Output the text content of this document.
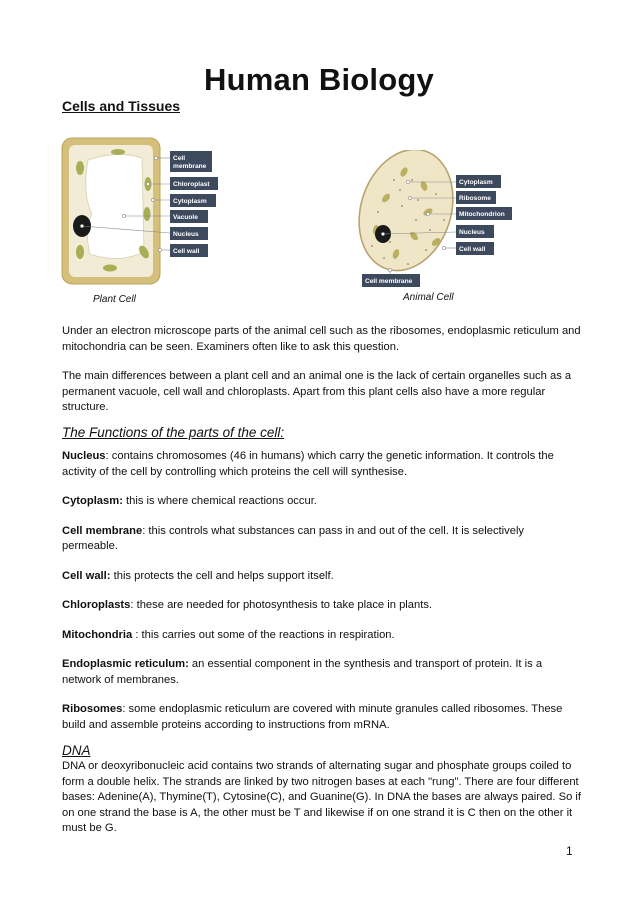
Human Biology
Cells and Tissues
Cell membrane
Chloroplast
Cytoplasm
Vacuole
Nucleus
Cell wall
Plant Cell
Cytoplasm
Ribosome
Mitochondrion
Nucleus
Cell wall
Cell membrane
Animal Cell

Under an electron microscope parts of the animal cell such as the ribosomes, endoplasmic reticulum and mitochondria can be seen. Examiners often like to ask this question.

The main differences between a plant cell and an animal one is the lack of certain organelles such as a permanent vacuole, cell wall and chloroplasts. Apart from this plant cells also have a more regular structure.

The Functions of the parts of the cell:

Nucleus: contains chromosomes (46 in humans) which carry the genetic information. It controls the activity of the cell by controlling which proteins the cell will synthesise.

Cytoplasm: this is where chemical reactions occur.

Cell membrane: this controls what substances can pass in and out of the cell. It is selectively permeable.

Cell wall: this protects the cell and helps support itself.

Chloroplasts: these are needed for photosynthesis to take place in plants.

Mitochondria : this carries out some of the reactions in respiration.

Endoplasmic reticulum: an essential component in the synthesis and transport of protein. It is a network of membranes.

Ribosomes: some endoplasmic reticulum are covered with minute granules called ribosomes. These build and assemble proteins according to instructions from mRNA.

DNA

DNA or deoxyribonucleic acid contains two strands of alternating sugar and phosphate groups coiled to form a double helix. The strands are linked by two nitrogen bases at each "rung". There are four different bases: Adenine(A), Thymine(T), Cytosine(C), and Guanine(G). In DNA the bases are always paired. So if on one strand the base is A, the other must be T and likewise if on one strand it is C then on the other it must be G.

1
